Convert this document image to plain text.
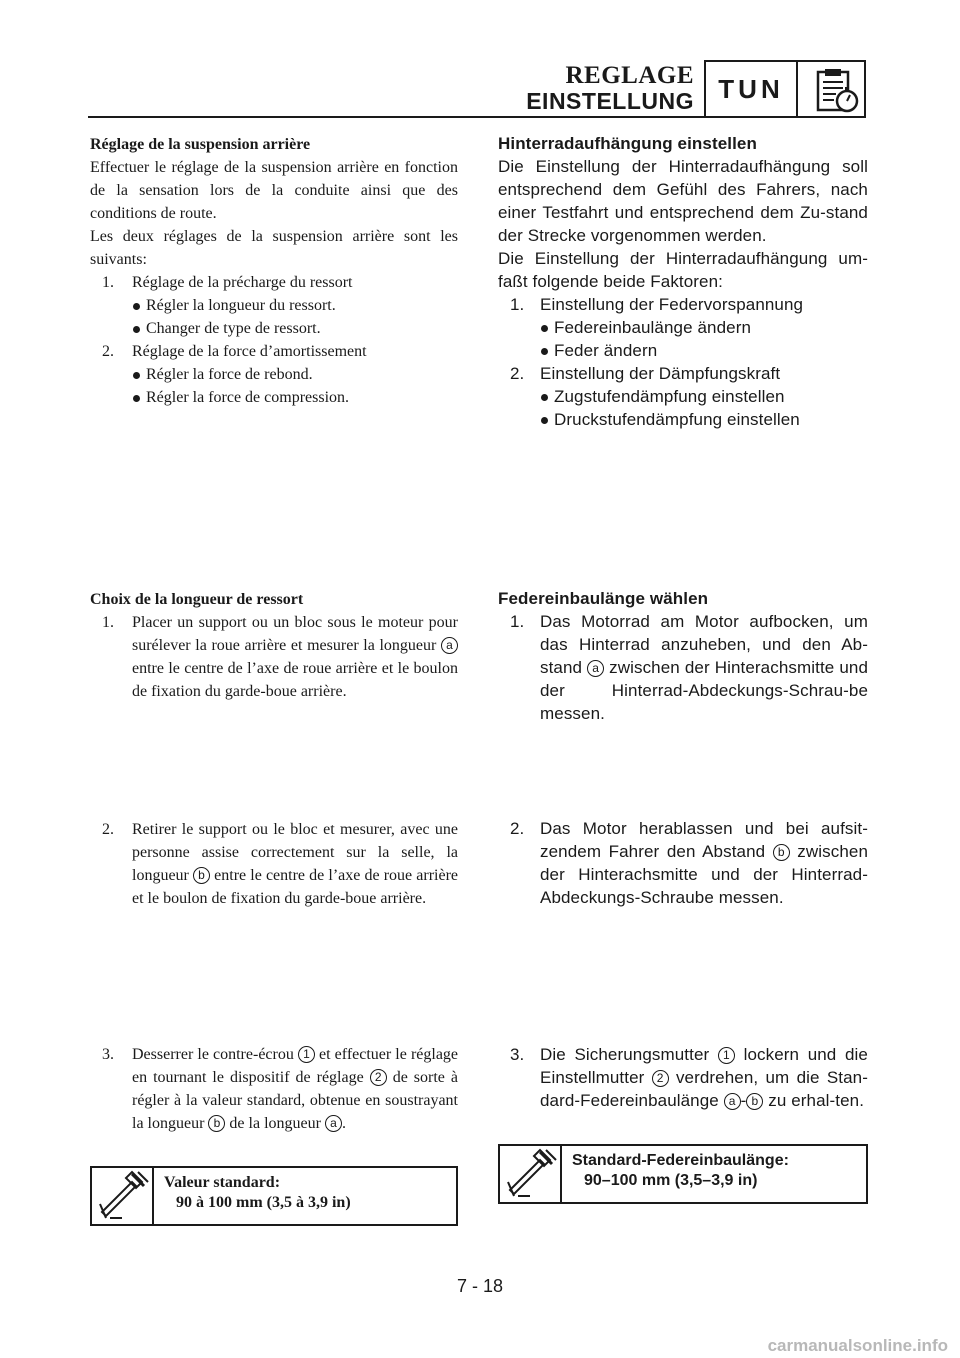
REGLAGE
EINSTELLUNG TUN

Réglage de la suspension arrière

Effectuer le réglage de la suspension arrière en fonction de la sensation lors de la conduite ainsi que des conditions de route.

Les deux réglages de la suspension arrière sont les suivants:

1. Réglage de la précharge du ressort
Régler la longueur du ressort.
Changer de type de ressort.
2. Réglage de la force d’amortissement
Régler la force de rebond.
Régler la force de compression.

Hinterradaufhängung einstellen

Die Einstellung der Hinterradaufhängung soll entsprechend dem Gefühl des Fahrers, nach einer Testfahrt und entsprechend dem Zu-stand der Strecke vorgenommen werden.

Die Einstellung der Hinterradaufhängung um-faßt folgende beide Faktoren:

1. Einstellung der Federvorspannung
Federeinbaulänge ändern
Feder ändern
2. Einstellung der Dämpfungskraft
Zugstufendämpfung einstellen
Druckstufendämpfung einstellen

Choix de la longueur de ressort

1. Placer un support ou un bloc sous le moteur pour surélever la roue arrière et mesurer la longueur a entre le centre de l’axe de roue arrière et le boulon de fixation du garde-boue arrière.

Federeinbaulänge wählen

1. Das Motorrad am Motor aufbocken, um das Hinterrad anzuheben, und den Ab-stand a zwischen der Hinterachsmitte und der Hinterrad-Abdeckungs-Schrau-be messen.
2. Retirer le support ou le bloc et mesurer, avec une personne assise correctement sur la selle, la longueur b entre le centre de l’axe de roue arrière et le boulon de fixation du garde-boue arrière.
2. Das Motor herablassen und bei aufsit-zendem Fahrer den Abstand b zwischen der Hinterachsmitte und der Hinterrad-Abdeckungs-Schraube messen.
3. Desserrer le contre-écrou 1 et effectuer le réglage en tournant le dispositif de réglage 2 de sorte à régler à la valeur standard, obtenue en soustrayant la longueur b de la longueur a .
3. Die Sicherungsmutter 1 lockern und die Einstellmutter 2 verdrehen, um die Stan-dard-Federeinbaulänge a - b zu erhal-ten.
Valeur standard:
90 à 100 mm (3,5 à 3,9 in)
Standard-Federeinbaulänge:
90–100 mm (3,5–3,9 in)
7 - 18
carmanualsonline.info
